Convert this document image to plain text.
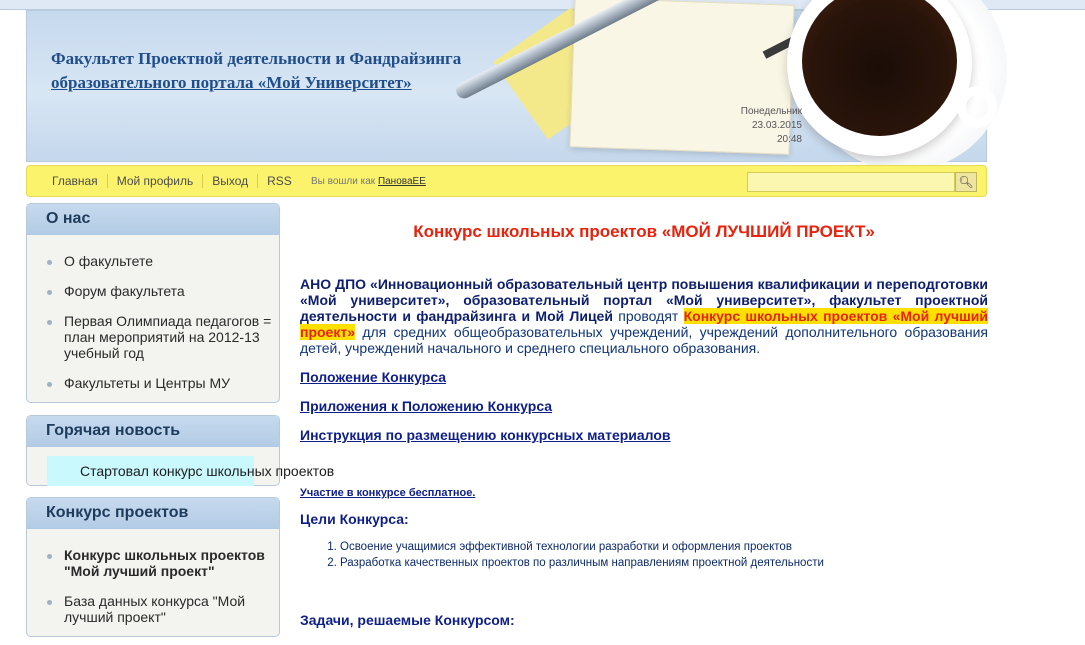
Факультет Проектной деятельности и Фандрайзинга
образовательного портала «Мой Университет»
Понедельник
23.03.2015
20:48
Главная	Мой профиль	Выход	RSS	Вы вошли как ПановаЕЕ	🔍︎
О нас
О факультете
Форум факультета
Первая Олимпиада педагогов = план мероприятий на 2012-13 учебный год
Факультеты и Центры МУ
Горячая новость
Стартовал конкурс школьных проектов
Конкурс проектов
Конкурс школьных проектов "Мой лучший проект"
База данных конкурса "Мой лучший проект"
Конкурс школьных проектов «МОЙ ЛУЧШИЙ ПРОЕКТ»

АНО ДПО «Инновационный образовательный центр повышения квалификации и переподготовки «Мой университет», образовательный портал «Мой университет», факультет проектной деятельности и фандрайзинга и Мой Лицей проводят Конкурс школьных проектов «Мой лучший проект» для средних общеобразовательных учреждений, учреждений дополнительного образования детей, учреждений начального и среднего специального образования.

Положение Конкурса
Приложения к Положению Конкурса
Инструкция по размещению конкурсных материалов
Участие в конкурсе бесплатное.
Цели Конкурса:
1. Освоение учащимися эффективной технологии разработки и оформления проектов
2. Разработка качественных проектов по различным направлениям проектной деятельности
Задачи, решаемые Конкурсом:
